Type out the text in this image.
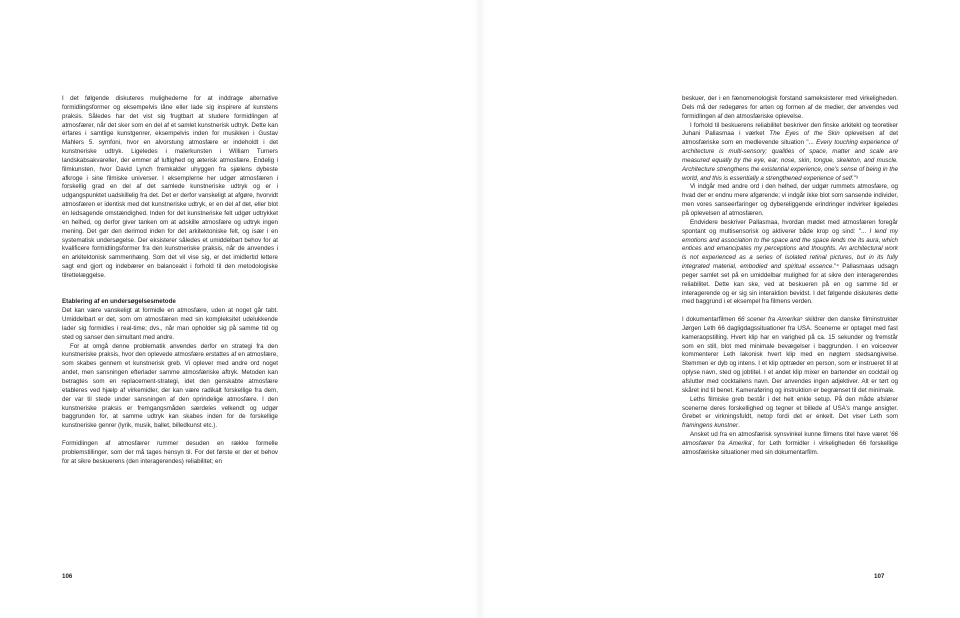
I det følgende diskuteres mulighederne for at inddrage alternative formidlingsformer og eksempelvis låne eller lade sig inspirere af kunstens praksis. Således har det vist sig frugtbart at studere formidlingen af atmosfærer, når det sker som en del af et samlet kunstnerisk udtryk. Dette kan erfares i samtlige kunstgenrer, eksempelvis inden for musikken i Gustav Mahlers 5. symfoni, hvor en alvorstung atmosfære er indeholdt i det kunstneriske udtryk. Ligeledes i malerkunsten i William Turners landskabsakvareller, der emmer af luftighed og æterisk atmosfære. Endelig i filmkunsten, hvor David Lynch fremkalder uhyggen fra sjælens dybeste afkroge i sine filmiske universer. I eksemplerne her udgør atmosfæren i forskellig grad en del af det samlede kunstneriske udtryk og er i udgangspunktet uadskillelig fra det. Det er derfor vanskeligt at afgøre, hvorvidt atmosfæren er identisk med det kunstneriske udtryk, er en del af det, eller blot en ledsagende omstændighed. Inden for det kunstneriske felt udgør udtrykket en helhed, og derfor giver tanken om at adskille atmosfære og udtryk ingen mening. Det gør den derimod inden for det arkitektoniske felt, og især i en systematisk undersøgelse. Der eksisterer således et umiddelbart behov for at kvalificere formidlingsformer fra den kunstneriske praksis, når de anvendes i en arkitektonisk sammenhæng. Som det vil vise sig, er det imidlertid lettere sagt end gjort og indebærer en balanceakt i forhold til den metodologiske tilrettelæggelse.

Etablering af en undersøgelsesmetode

Det kan være vanskeligt at formidle en atmosfære, uden at noget går tabt. Umiddelbart er det, som om atmosfæren med sin kompleksitet udelukkende lader sig formidles i real-time; dvs., når man opholder sig på samme tid og sted og sanser den simultant med andre.

For at omgå denne problematik anvendes derfor en strategi fra den kunstneriske praksis, hvor den oplevede atmosfære erstattes af en atmosfære, som skabes gennem et kunstnerisk greb. Vi oplever med andre ord noget andet, men sansningen efterlader samme atmosfæriske aftryk. Metoden kan betragtes som en replacement-strategi, idet den genskabte atmosfære etableres ved hjælp af virkemidler, der kan være radikalt forskellige fra dem, der var til stede under sansningen af den oprindelige atmosfære. I den kunstneriske praksis er fremgangsmåden særdeles velkendt og udgør baggrunden for, at samme udtryk kan skabes inden for de forskellige kunstneriske genrer (lyrik, musik, ballet, billedkunst etc.).

Formidlingen af atmosfærer rummer desuden en række formelle problemstillinger, som der må tages hensyn til. For det første er der et behov for at sikre beskuerens (den interagerendes) reliabilitet; en

106	107

beskuer, der i en fænomenologisk forstand sameksisterer med virkeligheden. Dels må der redegøres for arten og formen af de medier, der anvendes ved formidlingen af den atmosfæriske oplevelse.

I forhold til beskuerens reliabilitet beskriver den finske arkitekt og teoretiker Juhani Pallasmaa i værket The Eyes of the Skin oplevelsen af det atmosfæriske som en medlevende situation "... Every touching experience of architecture is multi-sensory; qualities of space, matter and scale are measured equally by the eye, ear, nose, skin, tongue, skeleton, and muscle. Architecture strengthens the existential experience, one's sense of being in the world, and this is essentially a strengthened experience of self."³

Vi indgår med andre ord i den helhed, der udgør rummets atmosfære, og hvad der er endnu mere afgørende; vi indgår ikke blot som sansende individer, men vores sanseerfaringer og dybereliggende erindringer indvirker ligeledes på oplevelsen af atmosfæren.

Endvidere beskriver Pallasmaa, hvordan mødet med atmosfæren foregår spontant og multisensorisk og aktiverer både krop og sind: "... I lend my emotions and association to the space and the space lends me its aura, which entices and emancipates my perceptions and thoughts. An architectural work is not experienced as a series of isolated retinal pictures, but in its fully integrated material, embodied and spiritual essence."⁴ Pallasmaas udsagn peger samlet set på en umiddelbar mulighed for at sikre den interagerendes reliabilitet. Dette kan ske, ved at beskueren på en og samme tid er interagerende og er sig sin interaktion bevidst. I det følgende diskuteres dette med baggrund i et eksempel fra filmens verden.

I dokumentarfilmen 66 scener fra Amerika⁵ skildrer den danske filminstruktør Jørgen Leth 66 dagligdagssituationer fra USA. Scenerne er optaget med fast kameraopstilling. Hvert klip har en varighed på ca. 15 sekunder og fremstår som en still, blot med minimale bevægelser i baggrunden. I en voiceover kommenterer Leth lakonisk hvert klip med en nøgtern stedsangivelse. Stemmen er dyb og intens. I et klip optræder en person, som er instrueret til at oplyse navn, sted og jobtitel. I et andet klip mixer en bartender en cocktail og afslutter med cocktailens navn. Der anvendes ingen adjektiver. Alt er tørt og skåret ind til benet. Kameraføring og instruktion er begrænset til det minimale.

Leths filmiske greb består i det helt enkle setup. På den måde afslører scenerne deres forskellighed og tegner et billede af USA's mange ansigter. Grebet er virkningsfuldt, netop fordi det er enkelt. Det viser Leth som framingens kunstner.

Ansket ud fra en atmosfærisk synsvinkel kunne filmens titel have været '66 atmosfærer fra Amerika', for Leth formidler i virkeligheden 66 forskellige atmosfæriske situationer med sin dokumentarfilm.
